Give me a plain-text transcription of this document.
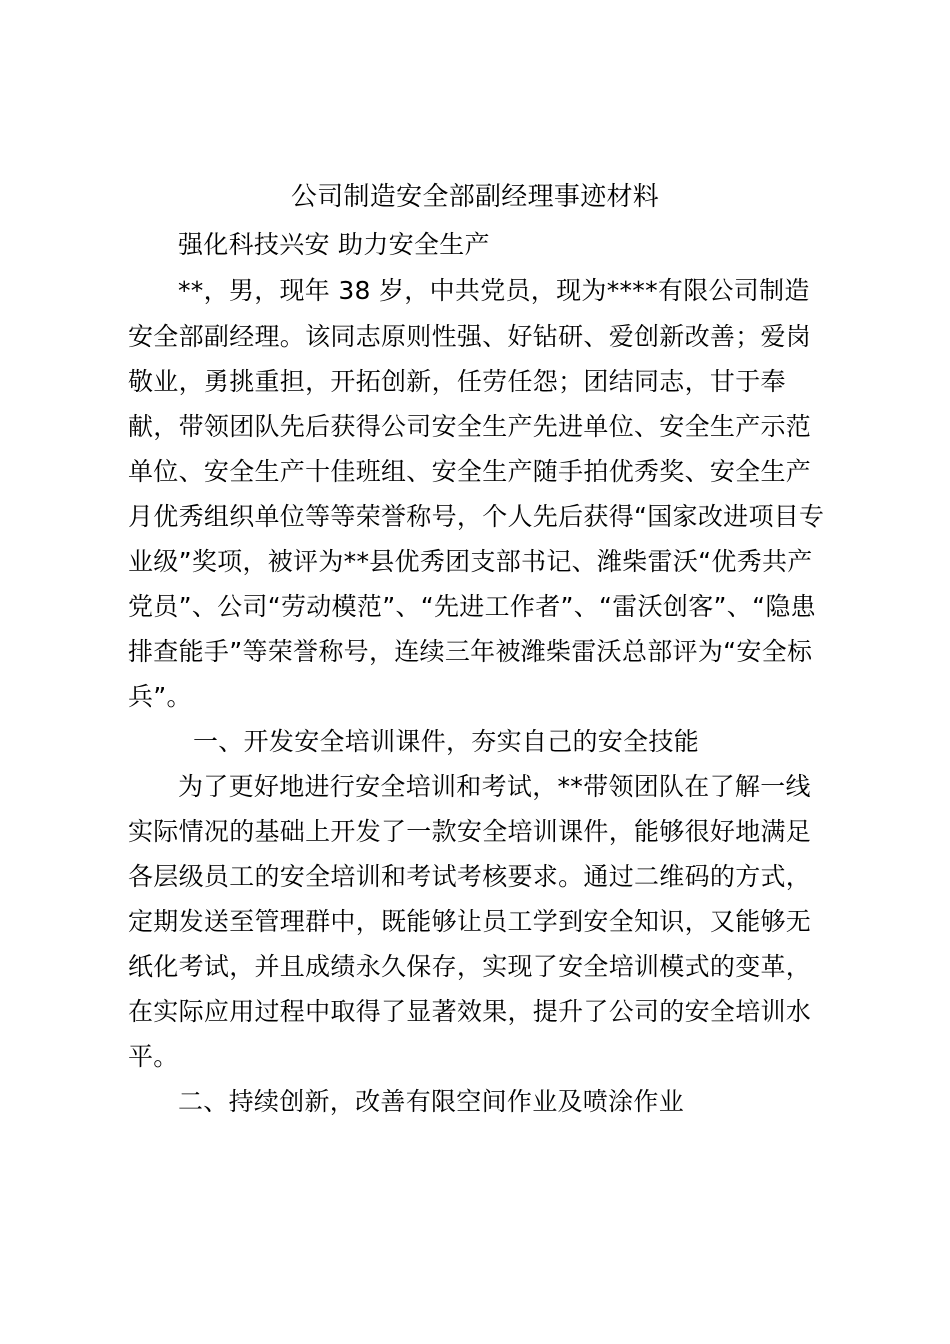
公司制造安全部副经理事迹材料
强化科技兴安 助力安全生产
**，男，现年 38 岁，中共党员，现为****有限公司制造
安全部副经理。该同志原则性强、好钻研、爱创新改善；爱岗
敬业，勇挑重担，开拓创新，任劳任怨；团结同志，甘于奉
献，带领团队先后获得公司安全生产先进单位、安全生产示范
单位、安全生产十佳班组、安全生产随手拍优秀奖、安全生产
月优秀组织单位等等荣誉称号，个人先后获得“国家改进项目专
业级”奖项，被评为**县优秀团支部书记、潍柴雷沃“优秀共产
党员”、公司“劳动模范”、“先进工作者”、“雷沃创客”、“隐患
排查能手”等荣誉称号，连续三年被潍柴雷沃总部评为“安全标
兵”。
一、开发安全培训课件，夯实自己的安全技能
为了更好地进行安全培训和考试，**带领团队在了解一线
实际情况的基础上开发了一款安全培训课件，能够很好地满足
各层级员工的安全培训和考试考核要求。通过二维码的方式，
定期发送至管理群中，既能够让员工学到安全知识，又能够无
纸化考试，并且成绩永久保存，实现了安全培训模式的变革，
在实际应用过程中取得了显著效果，提升了公司的安全培训水
平。
二、持续创新，改善有限空间作业及喷涂作业
